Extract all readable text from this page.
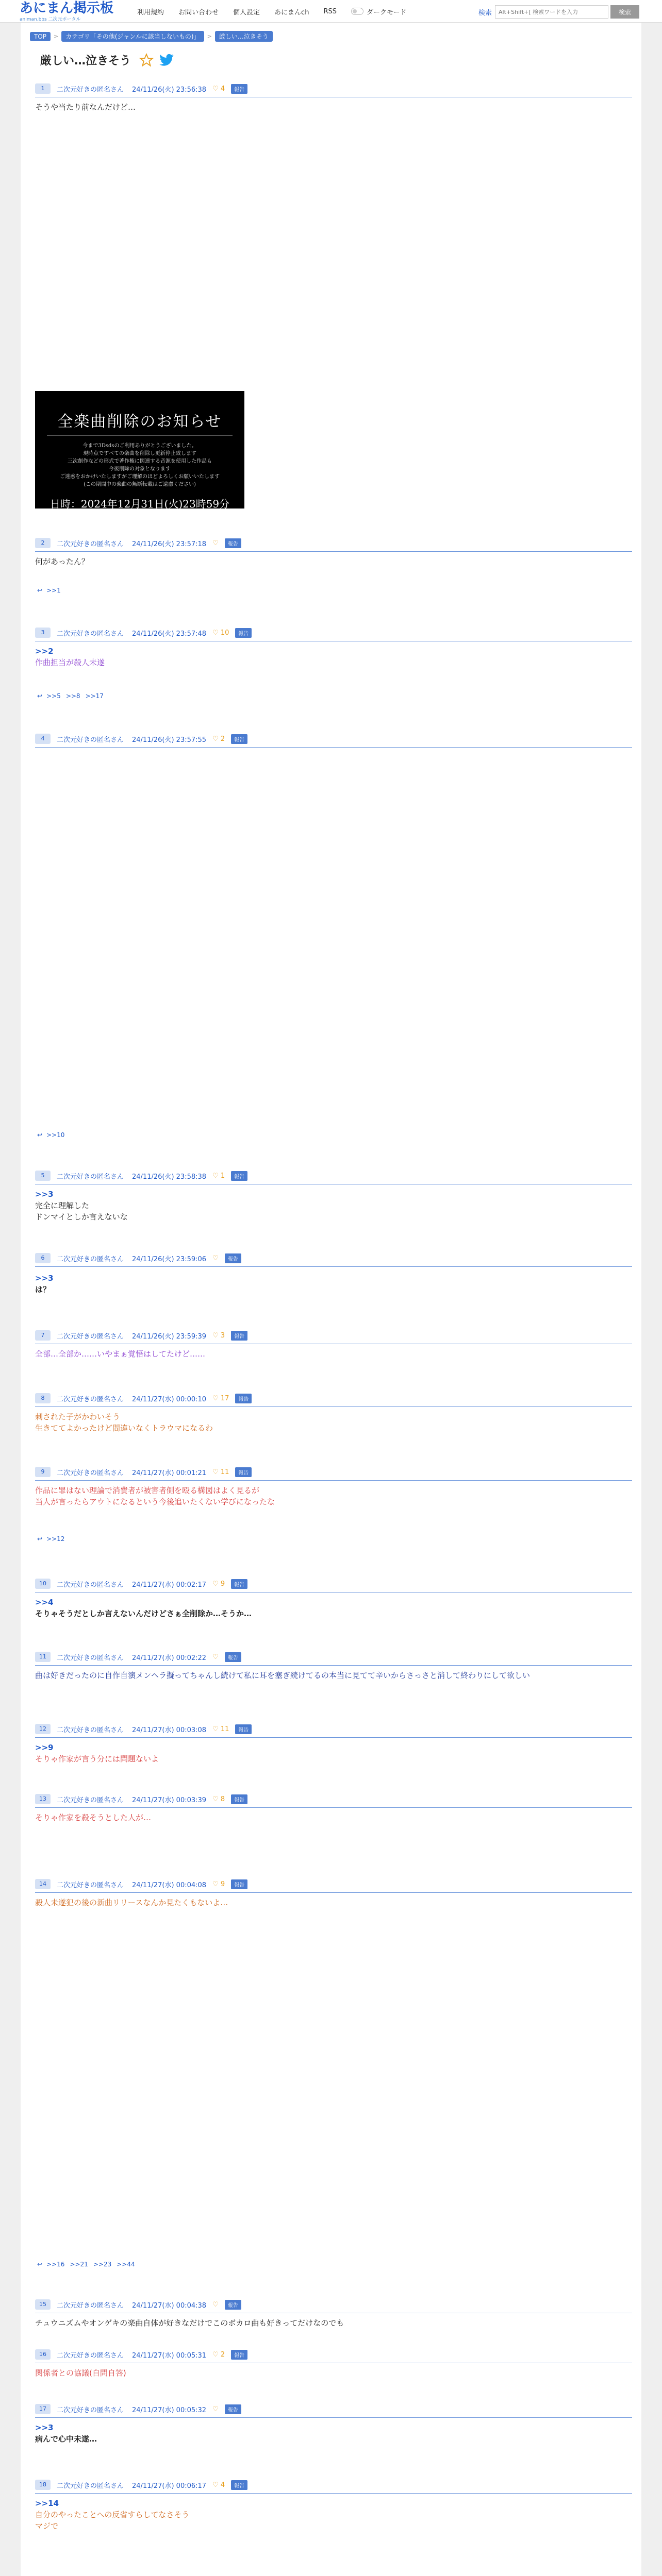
あにまん掲示板
animan.bbs 二次元ポータル
利用規約 お問い合わせ 個人設定 あにまんch RSS	ダークモード	検索
Alt+Shift+[ 検索ワードを入力	検索
TOP	>	カテゴリ「その他(ジャンルに該当しないもの)」	>	厳しい…泣きそう
厳しい…泣きそう
全楽曲削除のお知らせ
今まで3Dsdsのご利用ありがとうございました。
現時点ですべての楽曲を削除し更新停止致します
三次創作などの形式で著作権に関連する音源を使用した作品も
今後削除の対象となります
ご迷惑をおかけいたしますがご理解のほどよろしくお願いいたします
(この期間中の楽曲の無断転載はご遠慮ください)
日時：2024年12月31日(火)23時59分
1	二次元好きの匿名さん 24/11/26(火) 23:56:38 ♡ 4	報告
そうや当たり前なんだけど…
2	二次元好きの匿名さん 24/11/26(火) 23:57:18 ♡	報告
何があったん？
↩ >>1
3	二次元好きの匿名さん 24/11/26(火) 23:57:48 ♡ 10	報告
>>2
作曲担当が殺人未遂
↩ >>5 >>8 >>17
4	二次元好きの匿名さん 24/11/26(火) 23:57:55 ♡ 2	報告
↩ >>10
5	二次元好きの匿名さん 24/11/26(火) 23:58:38 ♡ 1	報告
>>3
完全に理解した
ドンマイとしか言えないな
6	二次元好きの匿名さん 24/11/26(火) 23:59:06 ♡	報告
>>3
は？
7	二次元好きの匿名さん 24/11/26(火) 23:59:39 ♡ 3	報告
全部…全部か……いやまぁ覚悟はしてたけど……
8	二次元好きの匿名さん 24/11/27(水) 00:00:10 ♡ 17	報告
刺された子がかわいそう
生きててよかったけど間違いなくトラウマになるわ
9	二次元好きの匿名さん 24/11/27(水) 00:01:21 ♡ 11	報告
作品に罪はない理論で消費者が被害者側を殴る構図はよく見るが
当人が言ったらアウトになるという今後追いたくない学びになったな
↩ >>12
10	二次元好きの匿名さん 24/11/27(水) 00:02:17 ♡ 9	報告
>>4
そりゃそうだとしか言えないんだけどさぁ全削除か…そうか…
11	二次元好きの匿名さん 24/11/27(水) 00:02:22 ♡	報告
曲は好きだったのに自作自演メンヘラ擬ってちゃんし続けて私に耳を塞ぎ続けてるの本当に見てて辛いからさっさと消して終わりにして欲しい
12	二次元好きの匿名さん 24/11/27(水) 00:03:08 ♡ 11	報告
>>9
そりゃ作家が言う分には問題ないよ
13	二次元好きの匿名さん 24/11/27(水) 00:03:39 ♡ 8	報告
そりゃ作家を殺そうとした人が…
14	二次元好きの匿名さん 24/11/27(水) 00:04:08 ♡ 9	報告
殺人未遂犯の後の新曲リリースなんか見たくもないよ…
↩ >>16 >>21 >>23 >>44
15	二次元好きの匿名さん 24/11/27(水) 00:04:38 ♡	報告
チュウニズムやオンゲキの楽曲自体が好きなだけでこのボカロ曲も好きってだけなのでも
16	二次元好きの匿名さん 24/11/27(水) 00:05:31 ♡ 2	報告
関係者との協議(自問自答)
17	二次元好きの匿名さん 24/11/27(水) 00:05:32 ♡	報告
>>3
病んで心中未遂…
18	二次元好きの匿名さん 24/11/27(水) 00:06:17 ♡ 4	報告
>>14
自分のやったことへの反省すらしてなさそう
マジで
